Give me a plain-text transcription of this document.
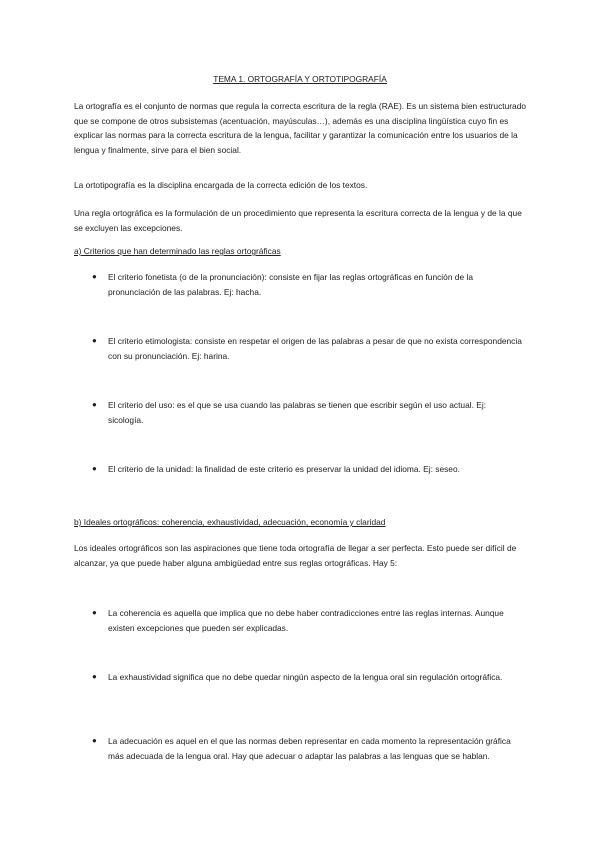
TEMA 1. ORTOGRAFÍA Y ORTOTIPOGRAFÍA

La ortografía es el conjunto de normas que regula la correcta escritura de la regla (RAE). Es un sistema bien estructurado que se compone de otros subsistemas (acentuación, mayúsculas…), además es una disciplina lingüística cuyo fin es explicar las normas para la correcta escritura de la lengua, facilitar y garantizar la comunicación entre los usuarios de la lengua y finalmente, sirve para el bien social.

La ortotipografía es la disciplina encargada de la correcta edición de los textos.

Una regla ortográfica es la formulación de un procedimiento que representa la escritura correcta de la lengua y de la que se excluyen las excepciones.

a) Criterios que han determinado las reglas ortográficas
● El criterio fonetista (o de la pronunciación): consiste en fijar las reglas ortográficas en función de la pronunciación de las palabras. Ej: hacha.
● El criterio etimologista: consiste en respetar el origen de las palabras a pesar de que no exista correspondencia con su pronunciación. Ej: harina.
● El criterio del uso: es el que se usa cuando las palabras se tienen que escribir según el uso actual. Ej: sicología.
● El criterio de la unidad: la finalidad de este criterio es preservar la unidad del idioma. Ej: seseo.
b) Ideales ortográficos: coherencia, exhaustividad, adecuación, economía y claridad

Los ideales ortográficos son las aspiraciones que tiene toda ortografía de llegar a ser perfecta. Esto puede ser difícil de alcanzar, ya que puede haber alguna ambigüedad entre sus reglas ortográficas. Hay 5:

● La coherencia es aquella que implica que no debe haber contradicciones entre las reglas internas. Aunque existen excepciones que pueden ser explicadas.
● La exhaustividad significa que no debe quedar ningún aspecto de la lengua oral sin regulación ortográfica.
● La adecuación es aquel en el que las normas deben representar en cada momento la representación gráfica más adecuada de la lengua oral. Hay que adecuar o adaptar las palabras a las lenguas que se hablan.
